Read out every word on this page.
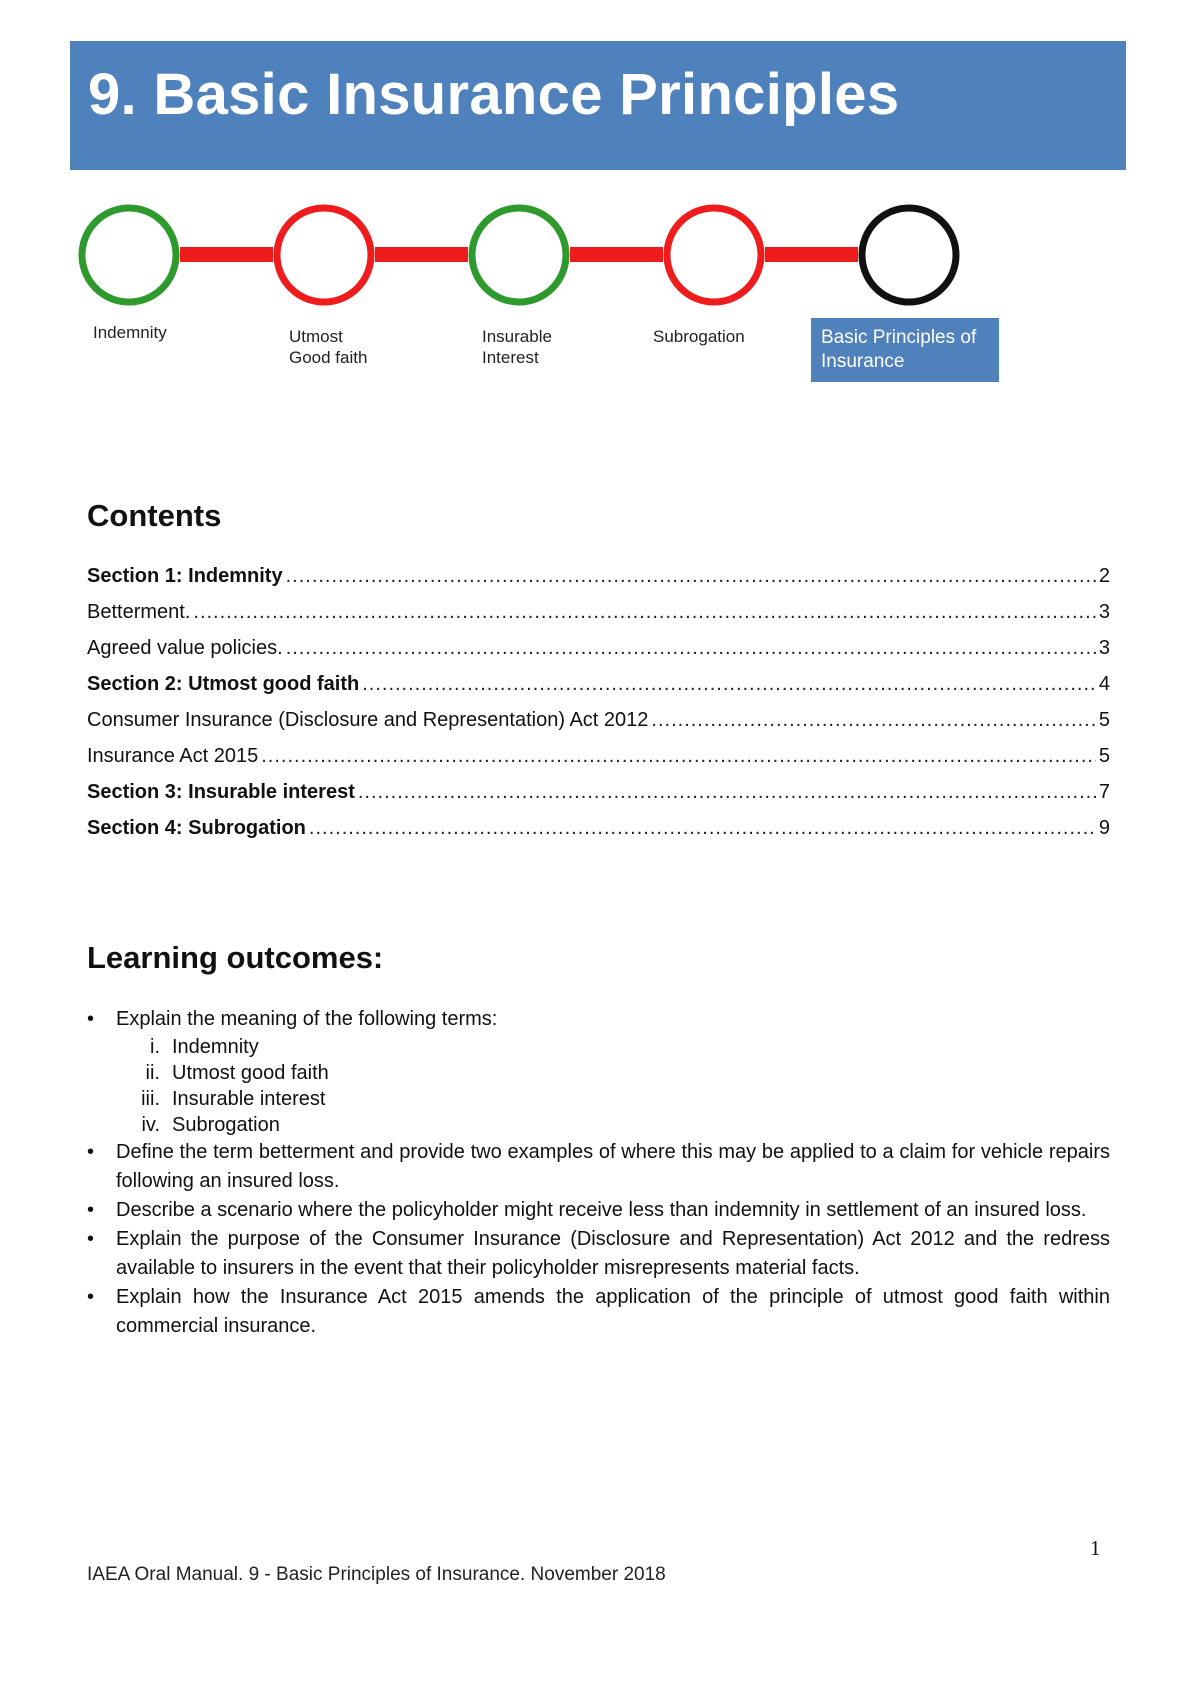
9. Basic Insurance Principles
Indemnity	Utmost
Good faith
Insurable
Interest
Subrogation	Basic Principles of
Insurance
Contents
Section 1: Indemnity .....	2
Betterment. .....	3
Agreed value policies. .....	3
Section 2: Utmost good faith .....	4
Consumer Insurance (Disclosure and Representation) Act 2012 .....	5
Insurance Act 2015 .....	5
Section 3: Insurable interest .....	7
Section 4: Subrogation .....	9
Learning outcomes:
• Explain the meaning of the following terms:
i. Indemnity
ii. Utmost good faith
iii. Insurable interest
iv. Subrogation
• Define the term betterment and provide two examples of where this may be applied to a claim for vehicle repairs following an insured loss.
• Describe a scenario where the policyholder might receive less than indemnity in settlement of an insured loss.
• Explain the purpose of the Consumer Insurance (Disclosure and Representation) Act 2012 and the redress available to insurers in the event that their policyholder misrepresents material facts.
• Explain how the Insurance Act 2015 amends the application of the principle of utmost good faith within commercial insurance.
1
IAEA Oral Manual. 9 - Basic Principles of Insurance. November 2018
